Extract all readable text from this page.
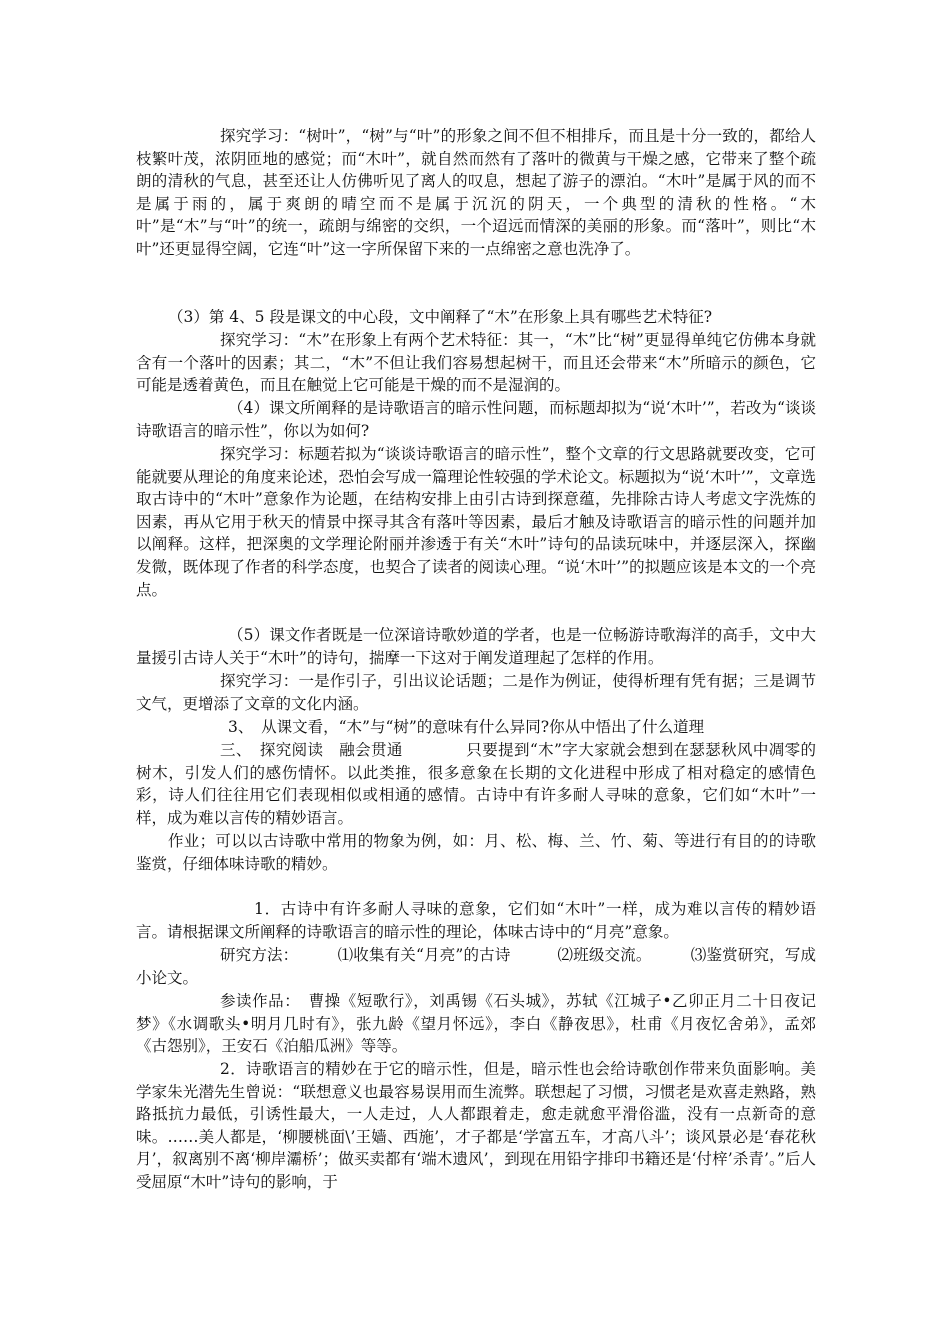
探究学习：“树叶”，“树”与“叶”的形象之间不但不相排斥，而且是十分一致的，都给人枝繁叶茂，浓阴匝地的感觉；而“木叶”，就自然而然有了落叶的微黄与干燥之感，它带来了整个疏朗的清秋的气息，甚至还让人仿佛听见了离人的叹息，想起了游子的漂泊。“木叶”是属于风的而不是属于雨的，属于爽朗的晴空而不是属于沉沉的阴天，一个典型的清秋的性格。“木叶”是“木”与“叶”的统一，疏朗与绵密的交织，一个迢远而情深的美丽的形象。而“落叶”，则比“木叶”还更显得空阔，它连“叶”这一字所保留下来的一点绵密之意也洗净了。

（3）第 4、5 段是课文的中心段，文中阐释了“木”在形象上具有哪些艺术特征?

探究学习：“木”在形象上有两个艺术特征：其一，“木”比“树”更显得单纯它仿佛本身就含有一个落叶的因素；其二，“木”不但让我们容易想起树干，而且还会带来“木”所暗示的颜色，它可能是透着黄色，而且在触觉上它可能是干燥的而不是湿润的。

（4）课文所阐释的是诗歌语言的暗示性问题，而标题却拟为“说‘木叶’”，若改为“谈谈诗歌语言的暗示性”，你以为如何?

探究学习：标题若拟为“谈谈诗歌语言的暗示性”，整个文章的行文思路就要改变，它可能就要从理论的角度来论述，恐怕会写成一篇理论性较强的学术论文。标题拟为“说‘木叶’”，文章选取古诗中的“木叶”意象作为论题，在结构安排上由引古诗到探意蕴，先排除古诗人考虑文字洗炼的因素，再从它用于秋天的情景中探寻其含有落叶等因素，最后才触及诗歌语言的暗示性的问题并加以阐释。这样，把深奥的文学理论附丽并渗透于有关“木叶”诗句的品读玩味中，并逐层深入，探幽发微，既体现了作者的科学态度，也契合了读者的阅读心理。“说‘木叶’”的拟题应该是本文的一个亮点。

（5）课文作者既是一位深谙诗歌妙道的学者，也是一位畅游诗歌海洋的高手，文中大量援引古诗人关于“木叶”的诗句，揣摩一下这对于阐发道理起了怎样的作用。

探究学习：一是作引子，引出议论话题；二是作为例证，使得析理有凭有据；三是调节文气，更增添了文章的文化内涵。

3、　从课文看，“木”与“树”的意味有什么异同?你从中悟出了什么道理

三、　探究阅读　融会贯通　　　　只要提到“木”字大家就会想到在瑟瑟秋风中凋零的树木，引发人们的感伤情怀。以此类推，很多意象在长期的文化进程中形成了相对稳定的感情色彩，诗人们往往用它们表现相似或相通的感情。古诗中有许多耐人寻味的意象，它们如“木叶”一样，成为难以言传的精妙语言。

作业；可以以古诗歌中常用的物象为例，如：月、松、梅、兰、竹、菊、等进行有目的的诗歌鉴赏，仔细体味诗歌的精妙。

1．古诗中有许多耐人寻味的意象，它们如“木叶”一样，成为难以言传的精妙语言。请根据课文所阐释的诗歌语言的暗示性的理论，体味古诗中的“月亮”意象。

研究方法：　　　⑴收集有关“月亮”的古诗　　　⑵班级交流。　　　⑶鉴赏研究，写成小论文。

参读作品：　曹操《短歌行》，刘禹锡《石头城》，苏轼《江城子•乙卯正月二十日夜记梦》《水调歌头•明月几时有》，张九龄《望月怀远》，李白《静夜思》，杜甫《月夜忆舍弟》，孟郊《古怨别》，王安石《泊船瓜洲》等等。

2．诗歌语言的精妙在于它的暗示性，但是，暗示性也会给诗歌创作带来负面影响。美学家朱光潜先生曾说：“联想意义也最容易误用而生流弊。联想起了习惯，习惯老是欢喜走熟路，熟路抵抗力最低，引诱性最大，一人走过，人人都跟着走，愈走就愈平滑俗滥，没有一点新奇的意味。……美人都是，‘柳腰桃面\’王嫱、西施’，才子都是‘学富五车，才高八斗’；谈风景必是‘春花秋月’，叙离别不离‘柳岸灞桥’；做买卖都有‘端木遗风’，到现在用铅字排印书籍还是‘付梓’杀青’。”后人受屈原“木叶”诗句的影响，于
